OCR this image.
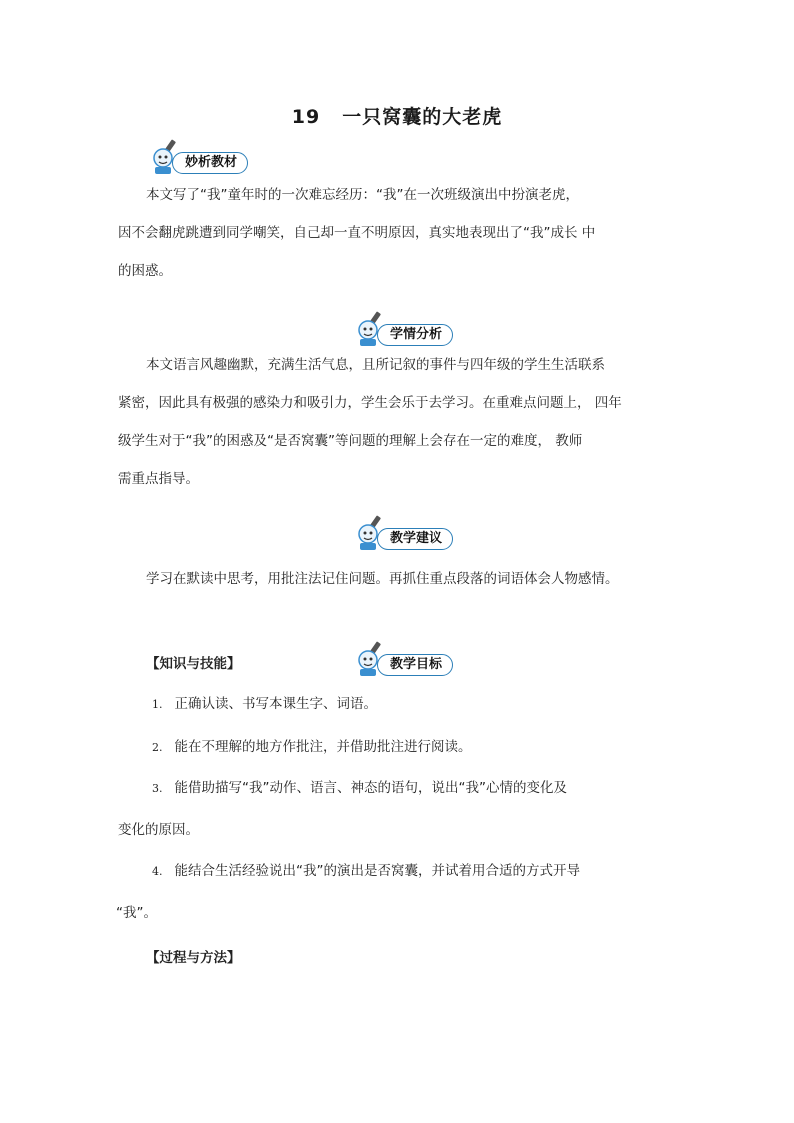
19 一只窝囊的大老虎
妙析教材

本文写了“我”童年时的一次难忘经历：“我”在一次班级演出中扮演老虎，

因不会翻虎跳遭到同学嘲笑，自己却一直不明原因，真实地表现出了“我”成长 中

的困惑。

学情分析

本文语言风趣幽默，充满生活气息，且所记叙的事件与四年级的学生生活联系

紧密，因此具有极强的感染力和吸引力，学生会乐于去学习。在重难点问题上， 四年

级学生对于“我”的困惑及“是否窝囊”等问题的理解上会存在一定的难度， 教师

需重点指导。

教学建议

学习在默读中思考，用批注法记住问题。再抓住重点段落的词语体会人物感情。

【知识与技能】	教学目标
1. 正确认读、书写本课生字、词语。
2. 能在不理解的地方作批注，并借助批注进行阅读。
3. 能借助描写“我”动作、语言、神态的语句，说出“我”心情的变化及
变化的原因。
4. 能结合生活经验说出“我”的演出是否窝囊，并试着用合适的方式开导
“我”。
【过程与方法】
